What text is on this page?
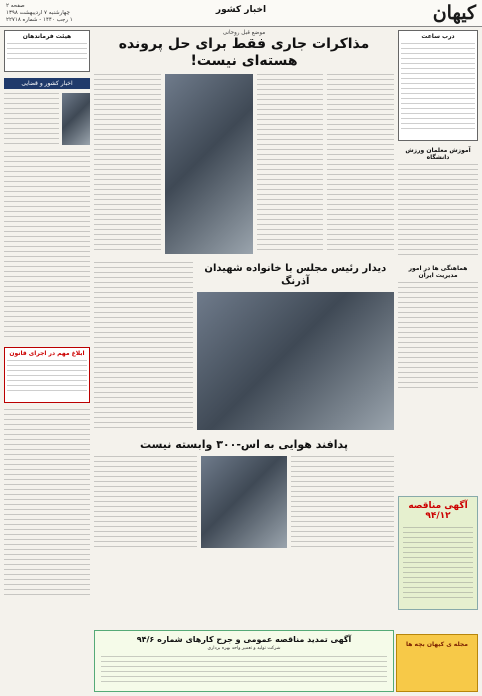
کیهان
اخبار کشور
صفحه ۲
چهارشنبه ۷ اردیبهشت ۱۳۹۸
۱ رجب ۱۴۴۰ - شماره ۲۲۷۱۸
درب ساعت
آموزش معلمان ورزش دانشگاه
هماهنگی ها در امور مدیریت ایران
آگهی مناقصه ۹۴/۱۲
موضع قبل روحانی
مذاکرات جاری فقط برای حل پرونده هسته‌ای نیست!
دیدار رئیس مجلس با خانواده شهیدان آذرنگ
پدافند هوایی به اس-۳۰۰ وابسته نیست
هیئت فرماندهان
اخبار کشور و قضایی
ابلاغ مهم در اجرای قانون
آگهی تمدید مناقصه عمومی و جرح کارهای شماره ۹۴/۶
شرکت تولید و تعمیر واحد بهره برداری
مجله ی کیهان بچه ها
